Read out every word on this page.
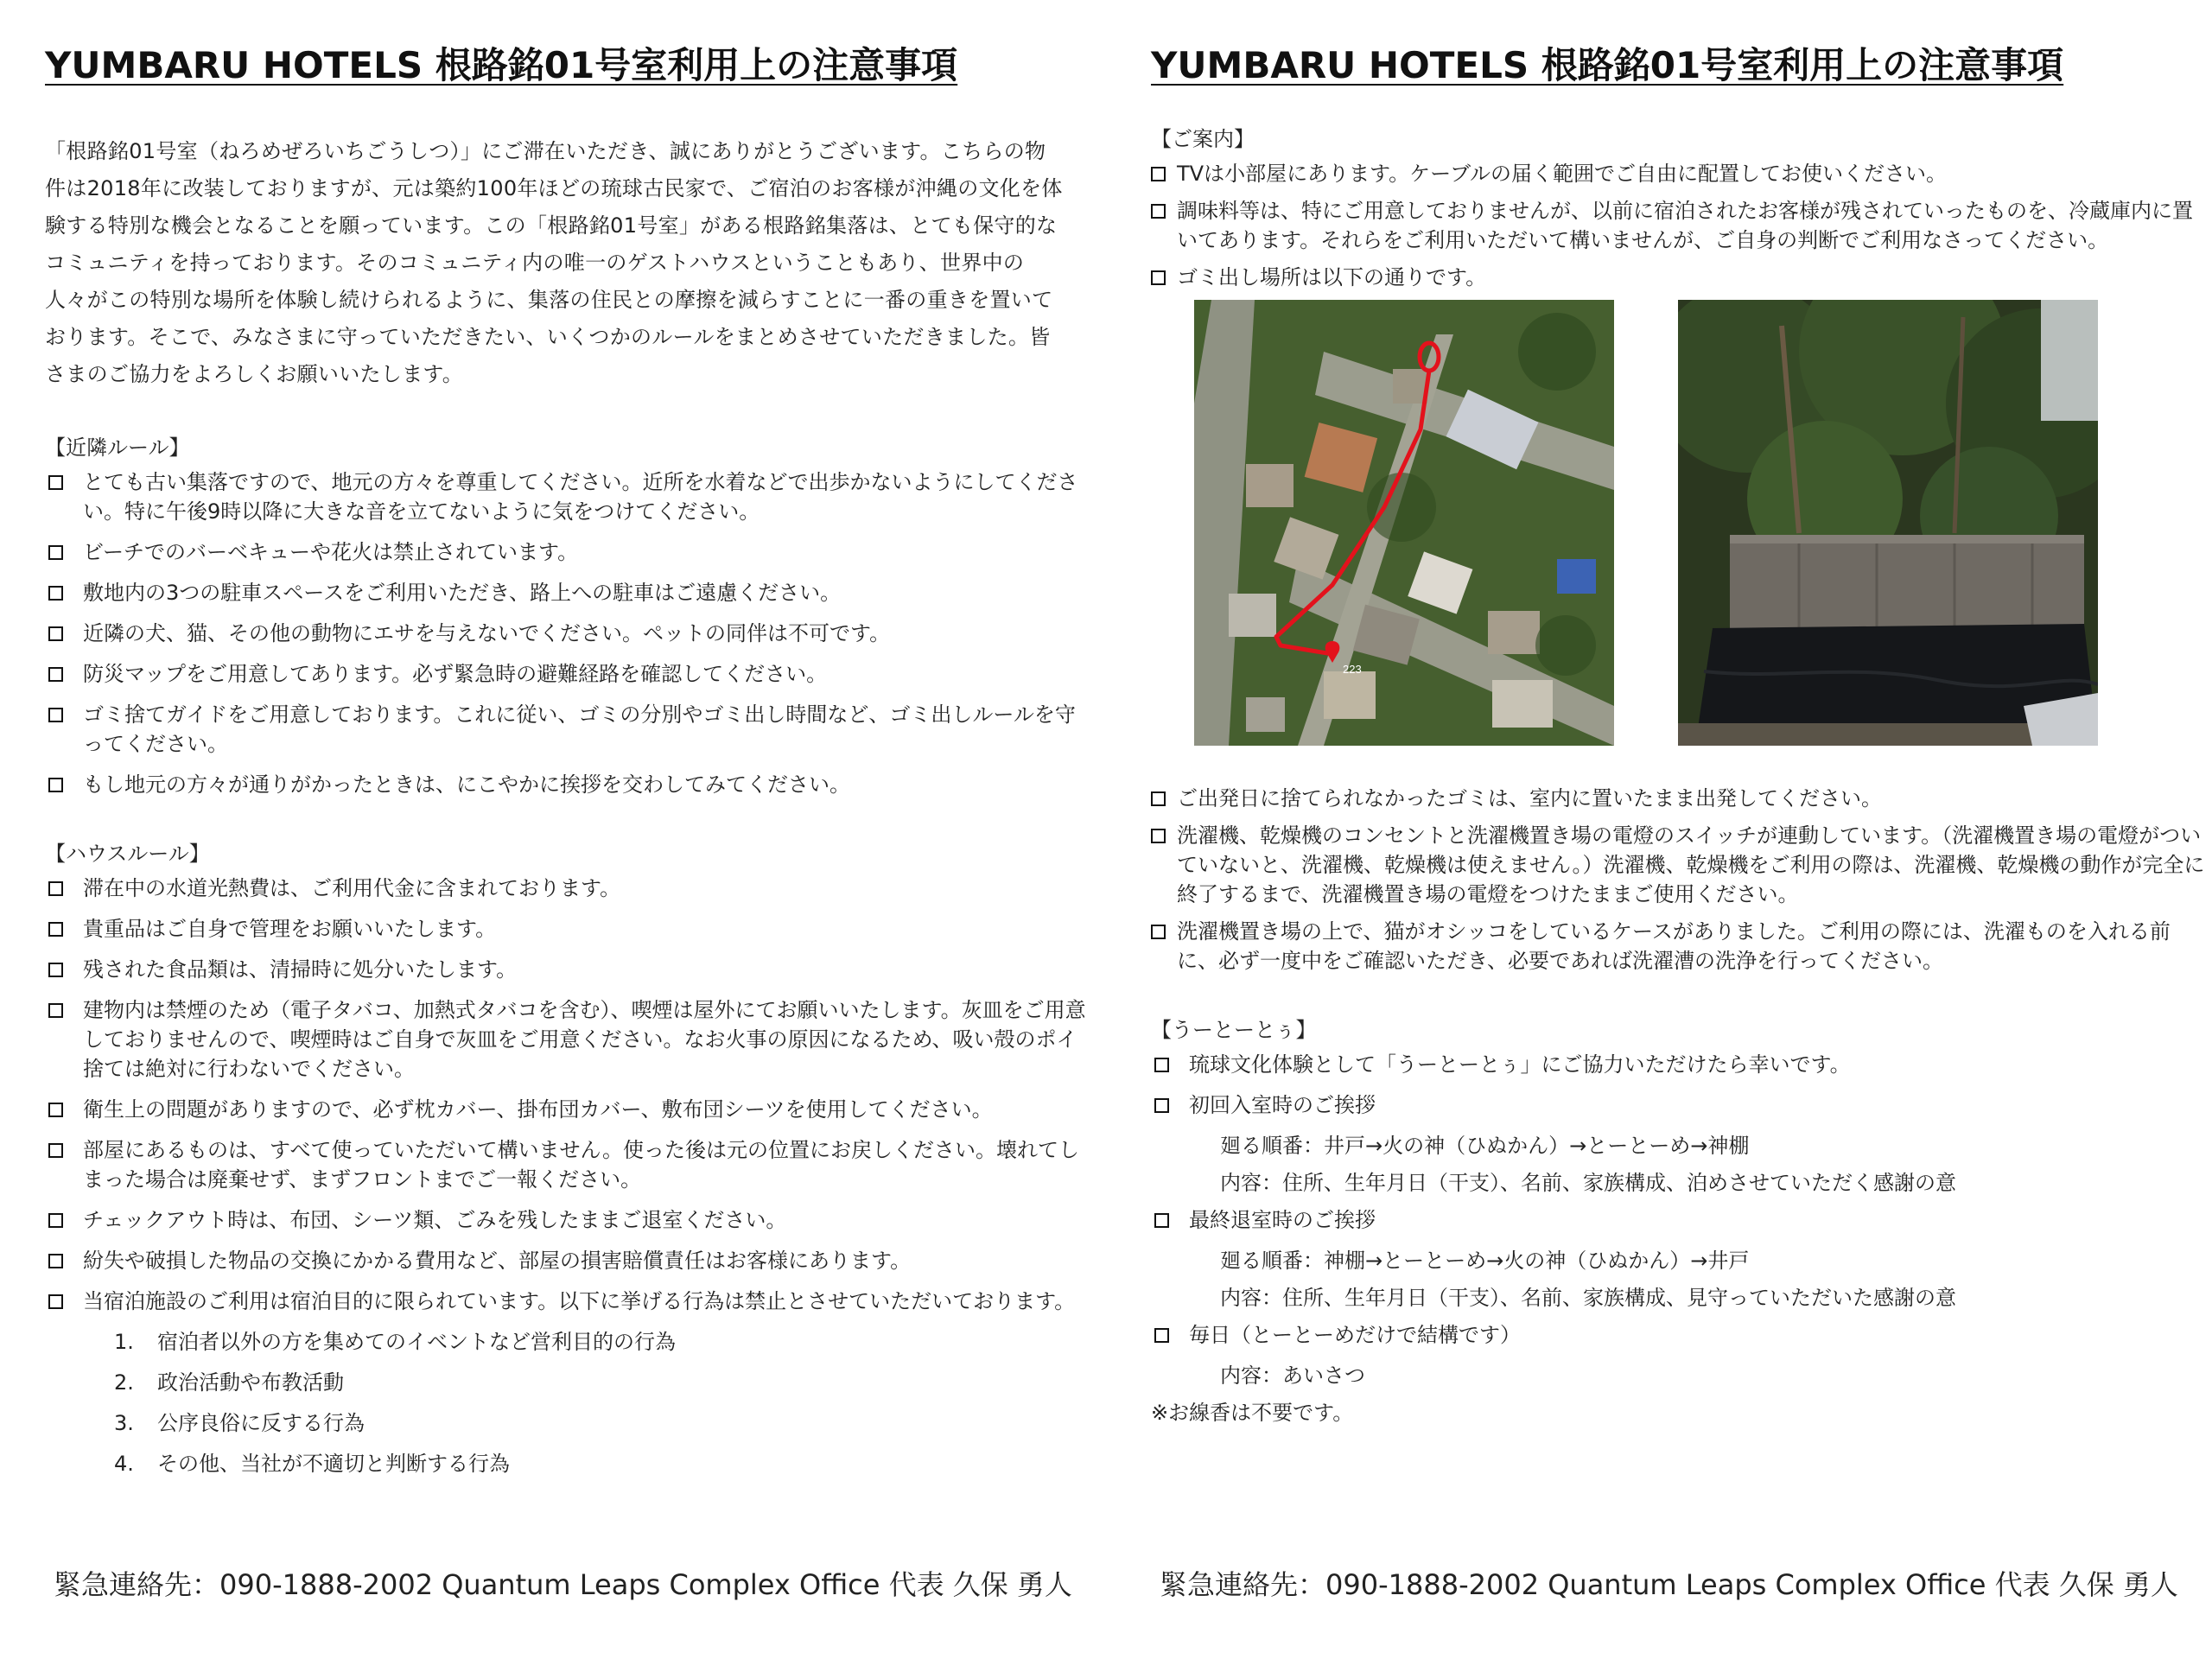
YUMBARU HOTELS 根路銘01号室利用上の注意事項

「根路銘01号室（ねろめぜろいちごうしつ）」にご滞在いただき、誠にありがとうございます。こちらの物件は2018年に改装しておりますが、元は築約100年ほどの琉球古民家で、ご宿泊のお客様が沖縄の文化を体験する特別な機会となることを願っています。この「根路銘01号室」がある根路銘集落は、とても保守的なコミュニティを持っております。そのコミュニティ内の唯一のゲストハウスということもあり、世界中の人々がこの特別な場所を体験し続けられるように、集落の住民との摩擦を減らすことに一番の重きを置いております。そこで、みなさまに守っていただきたい、いくつかのルールをまとめさせていただきました。皆さまのご協力をよろしくお願いいたします。

【近隣ルール】
とても古い集落ですので、地元の方々を尊重してください。近所を水着などで出歩かないようにしてください。特に午後9時以降に大きな音を立てないように気をつけてください。
ビーチでのバーベキューや花火は禁止されています。
敷地内の3つの駐車スペースをご利用いただき、路上への駐車はご遠慮ください。
近隣の犬、猫、その他の動物にエサを与えないでください。ペットの同伴は不可です。
防災マップをご用意してあります。必ず緊急時の避難経路を確認してください。
ゴミ捨てガイドをご用意しております。これに従い、ゴミの分別やゴミ出し時間など、ゴミ出しルールを守ってください。
もし地元の方々が通りがかったときは、にこやかに挨拶を交わしてみてください。
【ハウスルール】
滞在中の水道光熱費は、ご利用代金に含まれております。
貴重品はご自身で管理をお願いいたします。
残された食品類は、清掃時に処分いたします。
建物内は禁煙のため（電子タバコ、加熱式タバコを含む）、喫煙は屋外にてお願いいたします。灰皿をご用意しておりませんので、喫煙時はご自身で灰皿をご用意ください。なお火事の原因になるため、吸い殻のポイ捨ては絶対に行わないでください。
衛生上の問題がありますので、必ず枕カバー、掛布団カバー、敷布団シーツを使用してください。
部屋にあるものは、すべて使っていただいて構いません。使った後は元の位置にお戻しください。壊れてしまった場合は廃棄せず、まずフロントまでご一報ください。
チェックアウト時は、布団、シーツ類、ごみを残したままご退室ください。
紛失や破損した物品の交換にかかる費用など、部屋の損害賠償責任はお客様にあります。
当宿泊施設のご利用は宿泊目的に限られています。以下に挙げる行為は禁止とさせていただいております。
1. 宿泊者以外の方を集めてのイベントなど営利目的の行為
2. 政治活動や布教活動
3. 公序良俗に反する行為
4. その他、当社が不適切と判断する行為
緊急連絡先：090-1888-2002 Quantum Leaps Complex Office 代表 久保 勇人
YUMBARU HOTELS 根路銘01号室利用上の注意事項
【ご案内】
TVは小部屋にあります。ケーブルの届く範囲でご自由に配置してお使いください。
調味料等は、特にご用意しておりませんが、以前に宿泊されたお客様が残されていったものを、冷蔵庫内に置いてあります。それらをご利用いただいて構いませんが、ご自身の判断でご利用なさってください。
ゴミ出し場所は以下の通りです。
223
ご出発日に捨てられなかったゴミは、室内に置いたまま出発してください。
洗濯機、乾燥機のコンセントと洗濯機置き場の電燈のスイッチが連動しています。（洗濯機置き場の電燈がついていないと、洗濯機、乾燥機は使えません。）洗濯機、乾燥機をご利用の際は、洗濯機、乾燥機の動作が完全に終了するまで、洗濯機置き場の電燈をつけたままご使用ください。
洗濯機置き場の上で、猫がオシッコをしているケースがありました。ご利用の際には、洗濯ものを入れる前に、必ず一度中をご確認いただき、必要であれば洗濯漕の洗浄を行ってください。
【うーとーとぅ】
琉球文化体験として「うーとーとぅ」にご協力いただけたら幸いです。
初回入室時のご挨拶
廻る順番：井戸→火の神（ひぬかん）→とーとーめ→神棚
内容：住所、生年月日（干支）、名前、家族構成、泊めさせていただく感謝の意
最終退室時のご挨拶
廻る順番：神棚→とーとーめ→火の神（ひぬかん）→井戸
内容：住所、生年月日（干支）、名前、家族構成、見守っていただいた感謝の意
毎日（とーとーめだけで結構です）
内容：あいさつ
※お線香は不要です。
緊急連絡先：090-1888-2002 Quantum Leaps Complex Office 代表 久保 勇人
